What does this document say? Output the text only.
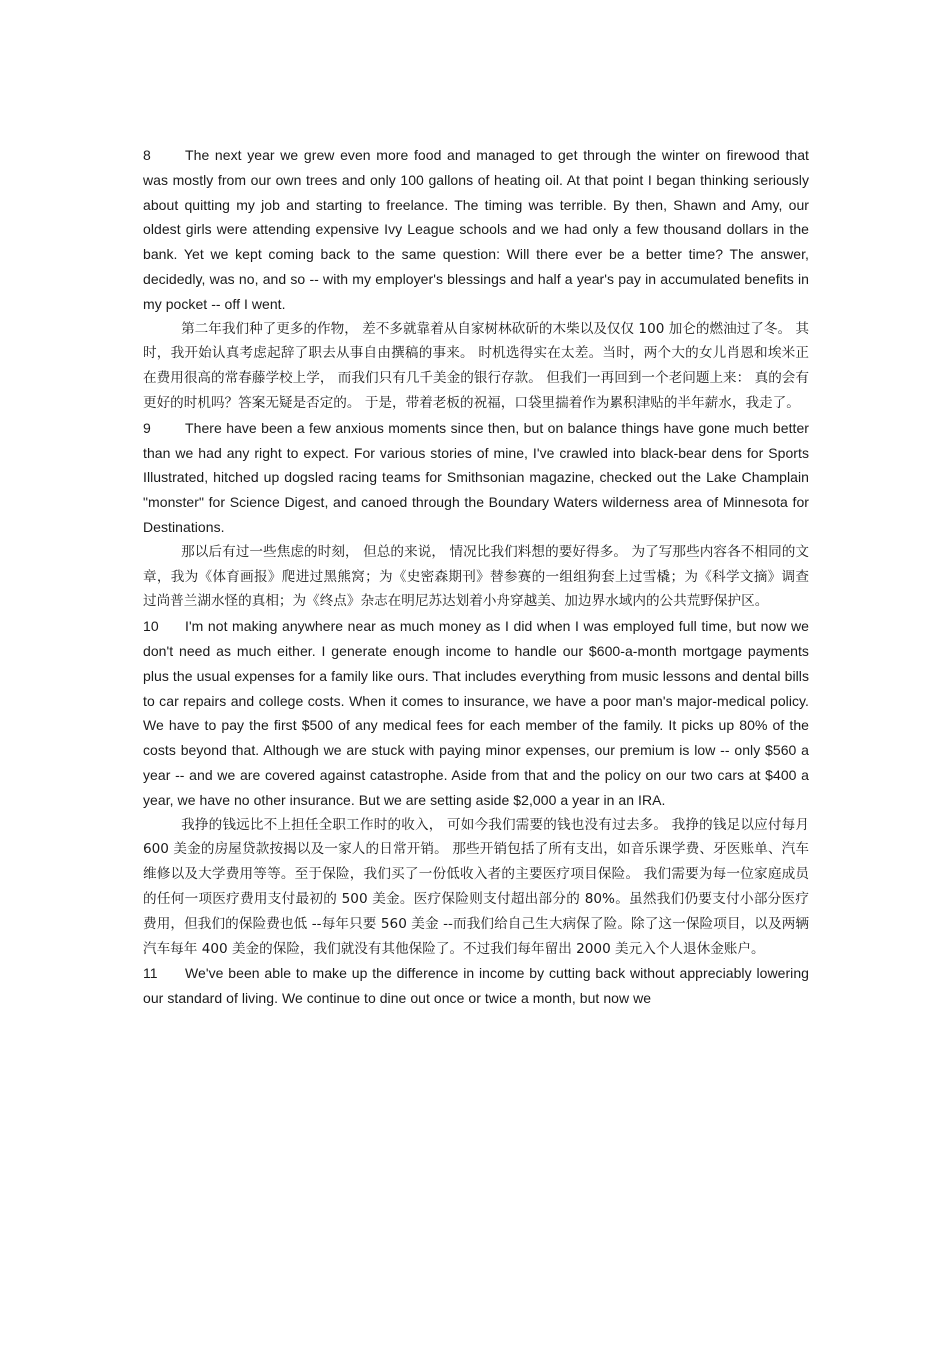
8 The next year we grew even more food and managed to get through the winter on firewood that was mostly from our own trees and only 100 gallons of heating oil. At that point I began thinking seriously about quitting my job and starting to freelance. The timing was terrible. By then, Shawn and Amy, our oldest girls were attending expensive Ivy League schools and we had only a few thousand dollars in the bank. Yet we kept coming back to the same question: Will there ever be a better time? The answer, decidedly, was no, and so -- with my employer's blessings and half a year's pay in accumulated benefits in my pocket -- off I went.

第二年我们种了更多的作物， 差不多就靠着从自家树林砍斫的木柴以及仅仅 100 加仑的燃油过了冬。 其时，我开始认真考虑起辞了职去从事自由撰稿的事来。 时机选得实在太差。当时，两个大的女儿肖恩和埃米正在费用很高的常春藤学校上学， 而我们只有几千美金的银行存款。 但我们一再回到一个老问题上来： 真的会有更好的时机吗？答案无疑是否定的。 于是，带着老板的祝福，口袋里揣着作为累积津贴的半年薪水，我走了。

9 There have been a few anxious moments since then, but on balance things have gone much better than we had any right to expect. For various stories of mine, I've crawled into black-bear dens for Sports Illustrated, hitched up dogsled racing teams for Smithsonian magazine, checked out the Lake Champlain "monster" for Science Digest, and canoed through the Boundary Waters wilderness area of Minnesota for Destinations.

那以后有过一些焦虑的时刻， 但总的来说， 情况比我们料想的要好得多。 为了写那些内容各不相同的文章，我为《体育画报》爬进过黑熊窝；为《史密森期刊》替参赛的一组组狗套上过雪橇；为《科学文摘》调查过尚普兰湖水怪的真相；为《终点》杂志在明尼苏达划着小舟穿越美、加边界水域内的公共荒野保护区。

10 I'm not making anywhere near as much money as I did when I was employed full time, but now we don't need as much either. I generate enough income to handle our $600-a-month mortgage payments plus the usual expenses for a family like ours. That includes everything from music lessons and dental bills to car repairs and college costs. When it comes to insurance, we have a poor man's major-medical policy. We have to pay the first $500 of any medical fees for each member of the family. It picks up 80% of the costs beyond that. Although we are stuck with paying minor expenses, our premium is low -- only $560 a year -- and we are covered against catastrophe. Aside from that and the policy on our two cars at $400 a year, we have no other insurance. But we are setting aside $2,000 a year in an IRA.

我挣的钱远比不上担任全职工作时的收入， 可如今我们需要的钱也没有过去多。 我挣的钱足以应付每月 600 美金的房屋贷款按揭以及一家人的日常开销。 那些开销包括了所有支出，如音乐课学费、牙医账单、汽车维修以及大学费用等等。至于保险，我们买了一份低收入者的主要医疗项目保险。 我们需要为每一位家庭成员的任何一项医疗费用支付最初的 500 美金。医疗保险则支付超出部分的 80%。虽然我们仍要支付小部分医疗费用，但我们的保险费也低 --每年只要 560 美金 --而我们给自己生大病保了险。除了这一保险项目，以及两辆汽车每年 400 美金的保险，我们就没有其他保险了。不过我们每年留出 2000 美元入个人退休金账户。

11 We've been able to make up the difference in income by cutting back without appreciably lowering our standard of living. We continue to dine out once or twice a month, but now we
